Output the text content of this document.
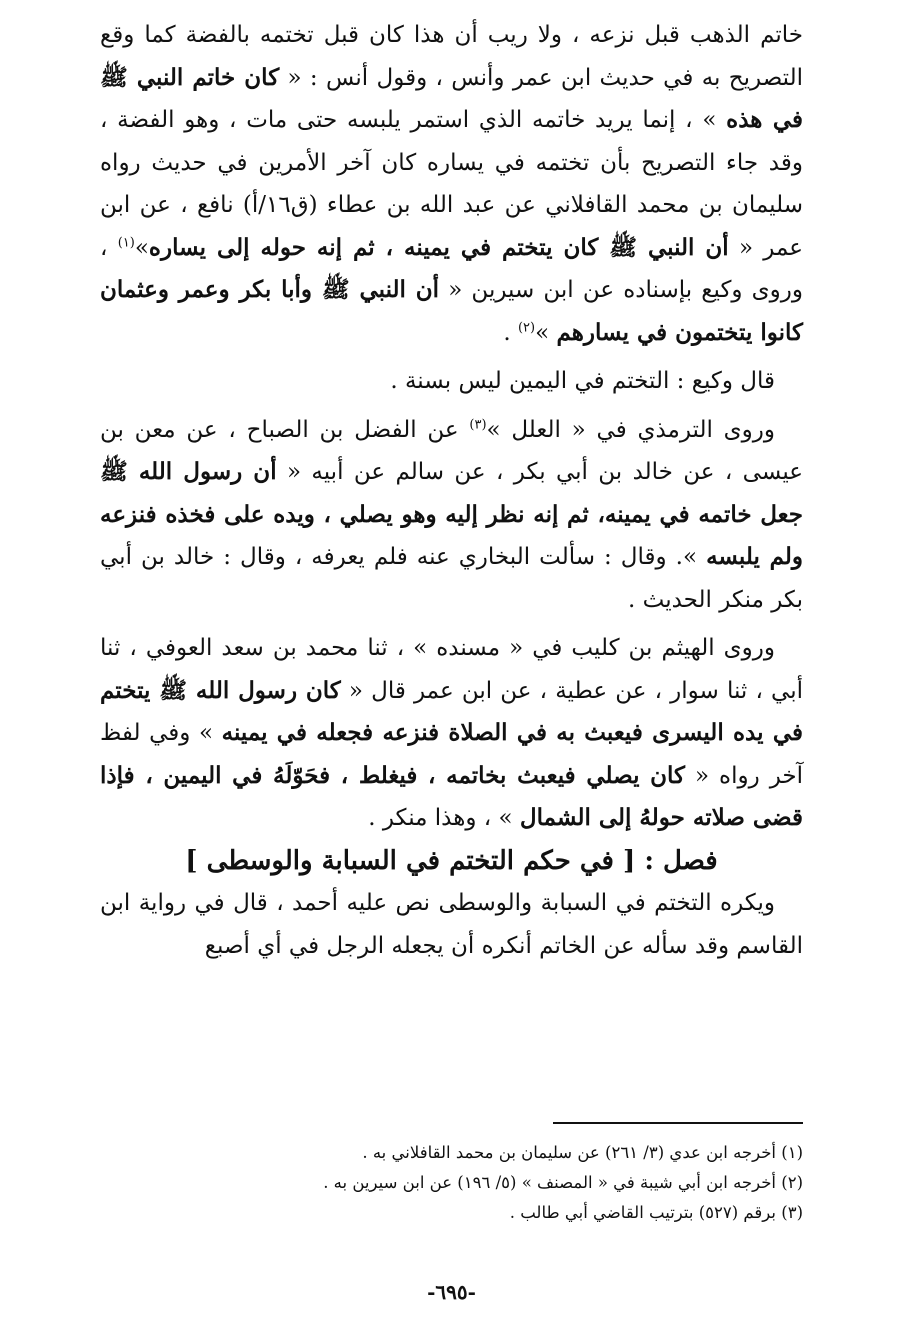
خاتم الذهب قبل نزعه ، ولا ريب أن هذا كان قبل تختمه بالفضة كما وقع التصريح به في حديث ابن عمر وأنس ، وقول أنس : « كان خاتم النبي ﷺ في هذه » ، إنما يريد خاتمه الذي استمر يلبسه حتى مات ، وهو الفضة ، وقد جاء التصريح بأن تختمه في يساره كان آخر الأمرين في حديث رواه سليمان بن محمد القافلاني عن عبد الله بن عطاء (ق١٦/أ) نافع ، عن ابن عمر « أن النبي ﷺ كان يتختم في يمينه ، ثم إنه حوله إلى يساره»$^{(١)}$ ، وروى وكيع بإسناده عن ابن سيرين « أن النبي ﷺ وأبا بكر وعمر وعثمان كانوا يتختمون في يسارهم »$^{(٢)}$ .

قال وكيع : التختم في اليمين ليس بسنة .

وروى الترمذي في « العلل »$^{(٣)}$ عن الفضل بن الصباح ، عن معن بن عيسى ، عن خالد بن أبي بكر ، عن سالم عن أبيه « أن رسول الله ﷺ جعل خاتمه في يمينه، ثم إنه نظر إليه وهو يصلي ، ويده على فخذه فنزعه ولم يلبسه ». وقال : سألت البخاري عنه فلم يعرفه ، وقال : خالد بن أبي بكر منكر الحديث .

وروى الهيثم بن كليب في « مسنده » ، ثنا محمد بن سعد العوفي ، ثنا أبي ، ثنا سوار ، عن عطية ، عن ابن عمر قال « كان رسول الله ﷺ يتختم في يده اليسرى فيعبث به في الصلاة فنزعه فجعله في يمينه » وفي لفظ آخر رواه « كان يصلي فيعبث بخاتمه ، فيغلط ، فحَوّلَهُ في اليمين ، فإذا قضى صلاته حولهُ إلى الشمال » ، وهذا منكر .

فصل : [ في حكم التختم في السبابة والوسطى ]

ويكره التختم في السبابة والوسطى نص عليه أحمد ، قال في رواية ابن القاسم وقد سأله عن الخاتم أنكره أن يجعله الرجل في أي أصبع

(١) أخرجه ابن عدي (٣/ ٢٦١) عن سليمان بن محمد القافلاني به .

(٢) أخرجه ابن أبي شيبة في « المصنف » (٥/ ١٩٦) عن ابن سيرين به .

(٣) برقم (٥٢٧) بترتيب القاضي أبي طالب .

-٦٩٥-
